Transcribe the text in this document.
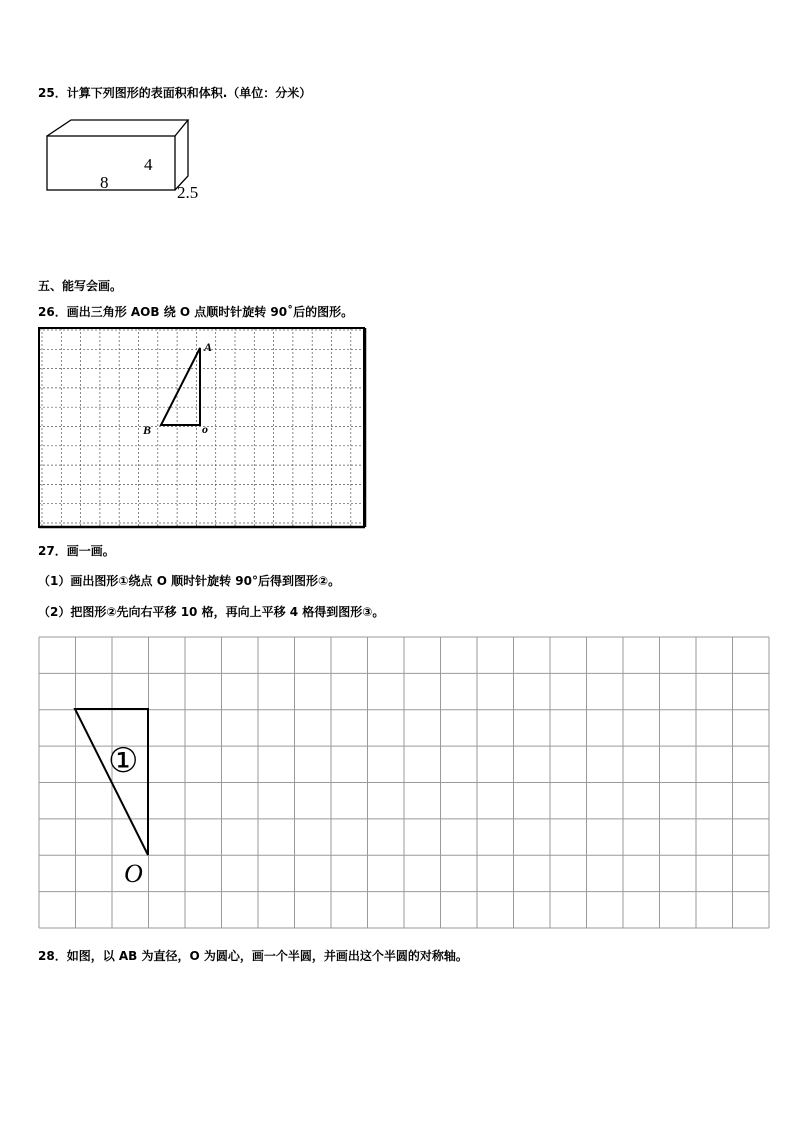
25．计算下列图形的表面积和体积.（单位：分米）
8
4
2.5
五、能写会画。
26．画出三角形 AOB 绕 O 点顺时针旋转 90˚后的图形。
A
B	o
27．画一画。
（1）画出图形①绕点 O 顺时针旋转 90°后得到图形②。
（2）把图形②先向右平移 10 格，再向上平移 4 格得到图形③。
①
O
28．如图，以 AB 为直径，O 为圆心，画一个半圆，并画出这个半圆的对称轴。
